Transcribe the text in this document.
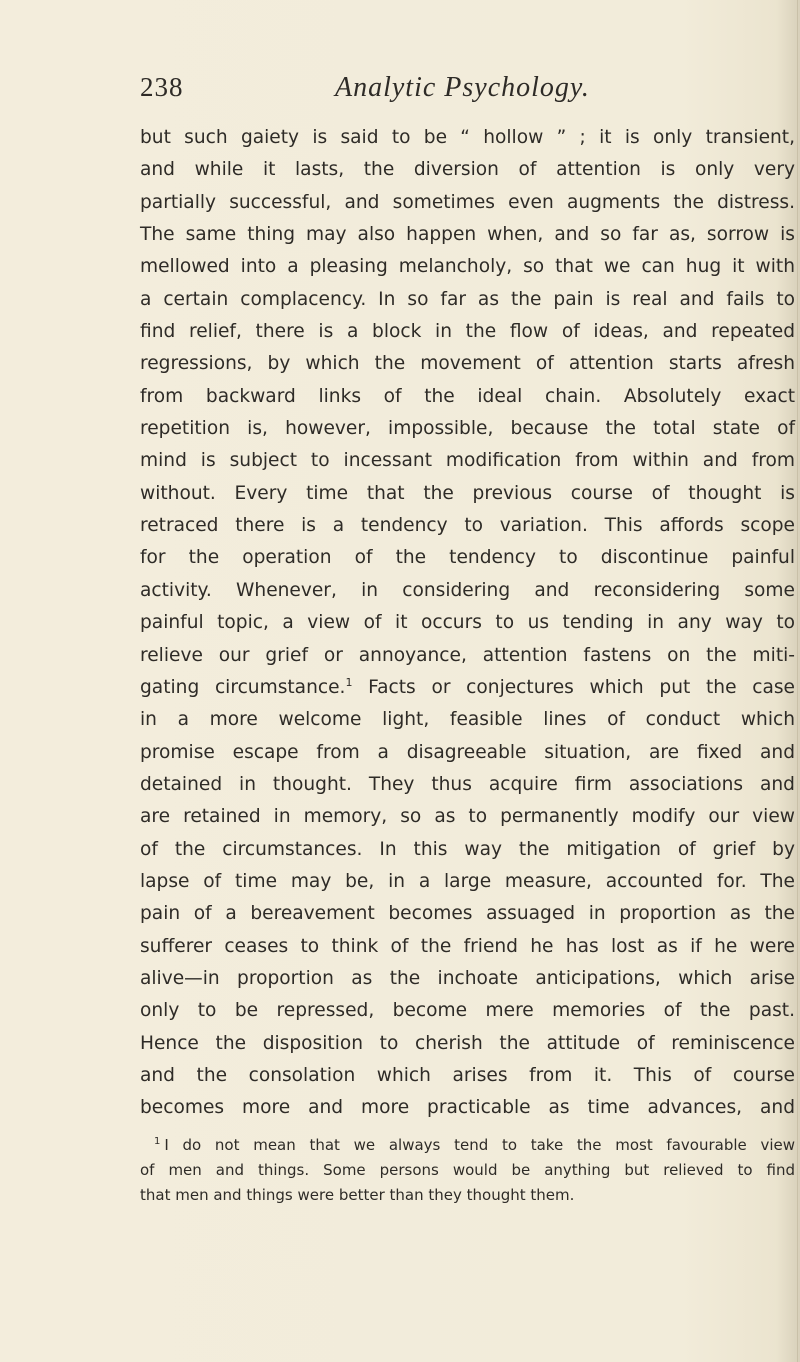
238	Analytic Psychology.
but such gaiety is said to be “ hollow ” ; it is only transient,
and while it lasts, the diversion of attention is only very
partially successful, and sometimes even augments the distress.
The same thing may also happen when, and so far as, sorrow is
mellowed into a pleasing melancholy, so that we can hug it with
a certain complacency. In so far as the pain is real and fails to
find relief, there is a block in the flow of ideas, and repeated
regressions, by which the movement of attention starts afresh
from backward links of the ideal chain. Absolutely exact
repetition is, however, impossible, because the total state of
mind is subject to incessant modification from within and from
without. Every time that the previous course of thought is
retraced there is a tendency to variation. This affords scope
for the operation of the tendency to discontinue painful
activity. Whenever, in considering and reconsidering some
painful topic, a view of it occurs to us tending in any way to
relieve our grief or annoyance, attention fastens on the miti-
gating circumstance.$^1$ Facts or conjectures which put the case
in a more welcome light, feasible lines of conduct which
promise escape from a disagreeable situation, are fixed and
detained in thought. They thus acquire firm associations and
are retained in memory, so as to permanently modify our view
of the circumstances. In this way the mitigation of grief by
lapse of time may be, in a large measure, accounted for. The
pain of a bereavement becomes assuaged in proportion as the
sufferer ceases to think of the friend he has lost as if he were
alive—in proportion as the inchoate anticipations, which arise
only to be repressed, become mere memories of the past.
Hence the disposition to cherish the attitude of reminiscence
and the consolation which arises from it. This of course
becomes more and more practicable as time advances, and
$^1$ I do not mean that we always tend to take the most favourable view
of men and things. Some persons would be anything but relieved to find
that men and things were better than they thought them.
